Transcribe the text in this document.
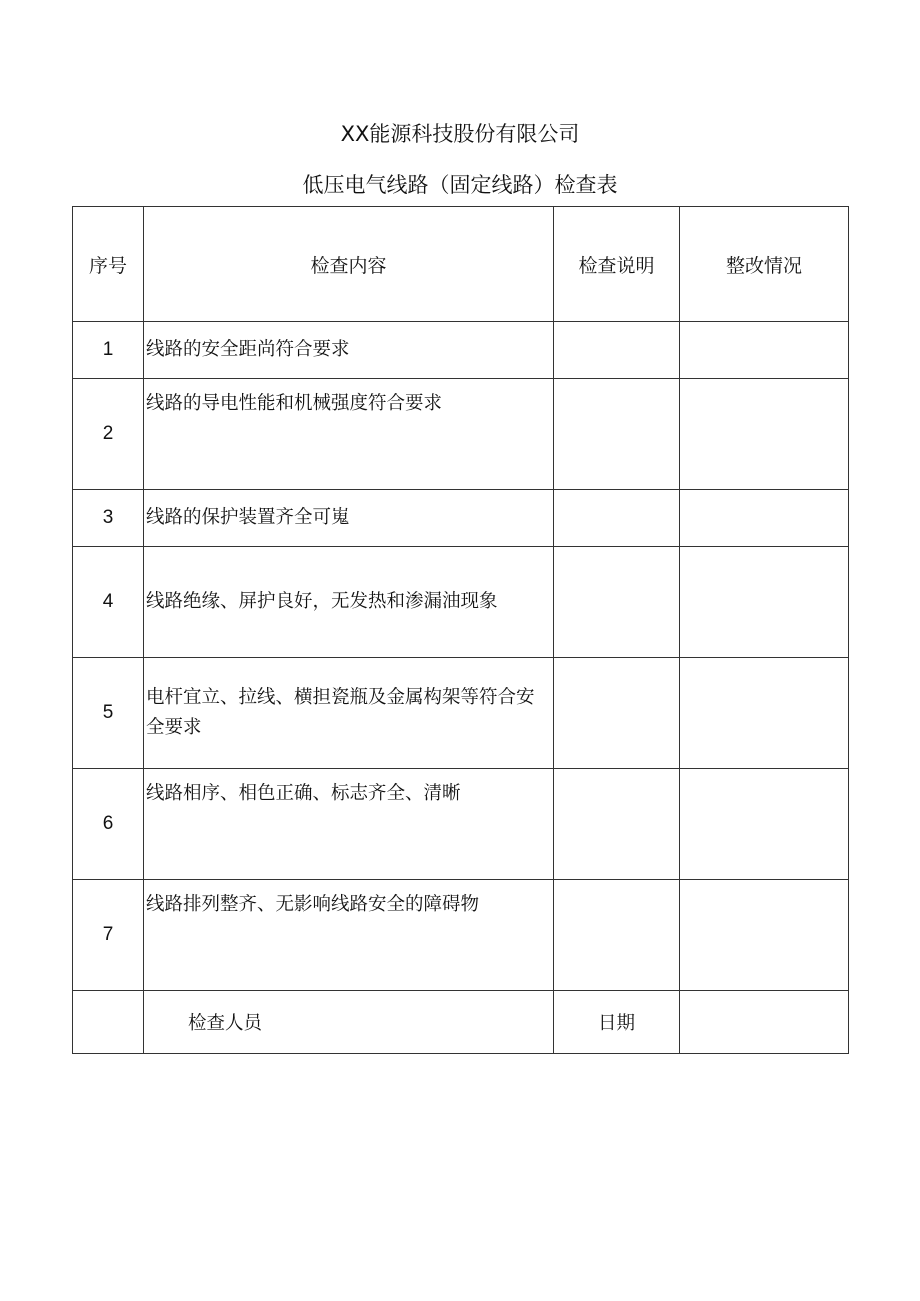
XX能源科技股份有限公司
低压电气线路（固定线路）检查表
序号	检查内容	检查说明	整改情况
1	线路的安全距尚符合要求		
2	线路的导电性能和机械强度符合要求		
3	线路的保护装置齐全可嵬		
4	线路绝缘、屏护良好，无发热和渗漏油现象		
5	电杆宜立、拉线、横担瓷瓶及金属构架等符合安全要求		
6	线路相序、相色正确、标志齐全、清晰		
7	线路排列整齐、无影响线路安全的障碍物		
	检查人员	日期	
